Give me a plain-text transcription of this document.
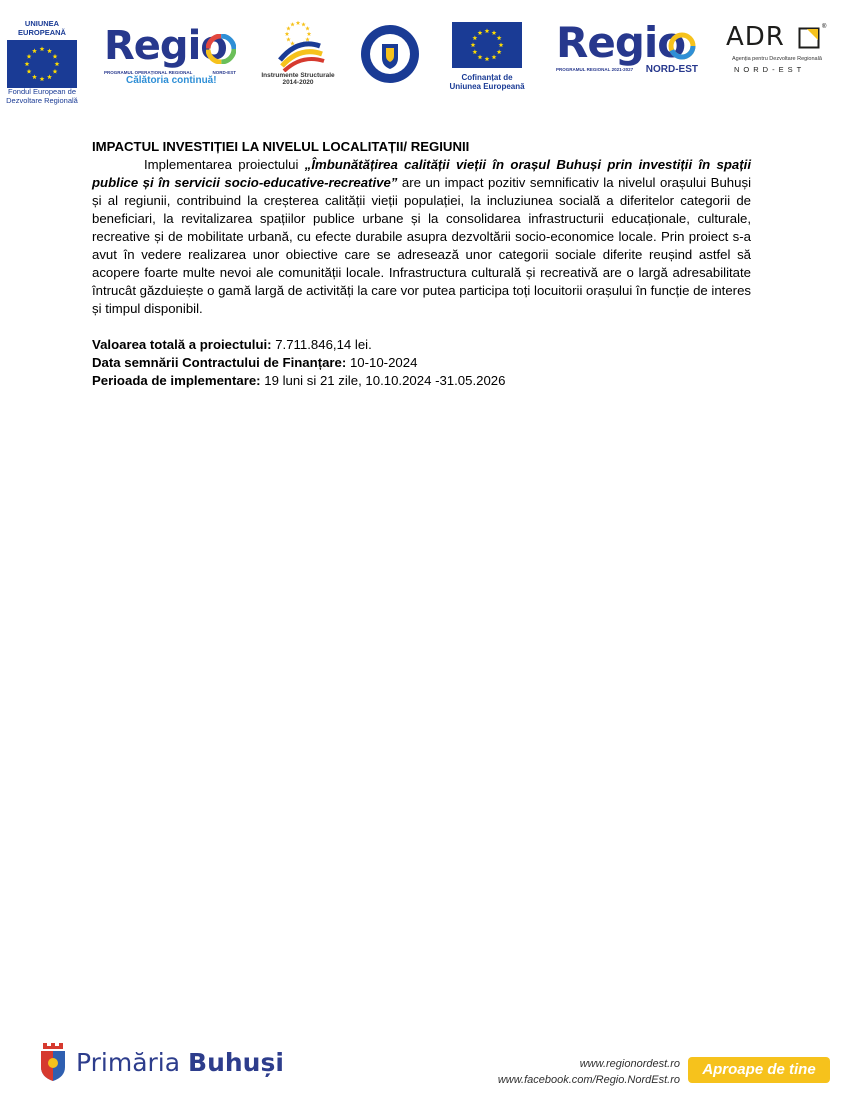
UNIUNEA EUROPEANĂ
Fondul European de
Dezvoltare Regională
Regio
PROGRAMUL OPERAȚIONAL REGIONAL	NORD-EST
Călătoria continuă!	Instrumente Structurale
2014-2020
Cofinanțat de
Uniunea Europeană
Regio
PROGRAMUL REGIONAL 2021-2027 NORD-EST
ADR	®
Agenția pentru Dezvoltare Regională
NORD-EST
IMPACTUL INVESTIȚIEI LA NIVELUL LOCALITAȚII/ REGIUNII

Implementarea proiectului „Îmbunătățirea calității vieții în orașul Buhuși prin investiții în spații publice și în servicii socio-educative-recreative” are un impact pozitiv semnificativ la nivelul orașului Buhuși și al regiunii, contribuind la creșterea calității vieții populației, la incluziunea socială a diferitelor categorii de beneficiari, la revitalizarea spațiilor publice urbane și la consolidarea infrastructurii educaționale, culturale, recreative și de mobilitate urbană, cu efecte durabile asupra dezvoltării socio-economice locale. Prin proiect s-a avut în vedere realizarea unor obiective care se adresează unor categorii sociale diferite reușind astfel să acopere foarte multe nevoi ale comunității locale. Infrastructura culturală și recreativă are o largă adresabilitate întrucât găzduiește o gamă largă de activități la care vor putea participa toți locuitorii orașului în funcție de interes și timpul disponibil.

Valoarea totală a proiectului: 7.711.846,14 lei.
Data semnării Contractului de Finanțare: 10-10-2024
Perioada de implementare: 19 luni si 21 zile, 10.10.2024 -31.05.2026
Primăria Buhuși	www.regionordest.ro
www.facebook.com/Regio.NordEst.ro
Aproape de tine
